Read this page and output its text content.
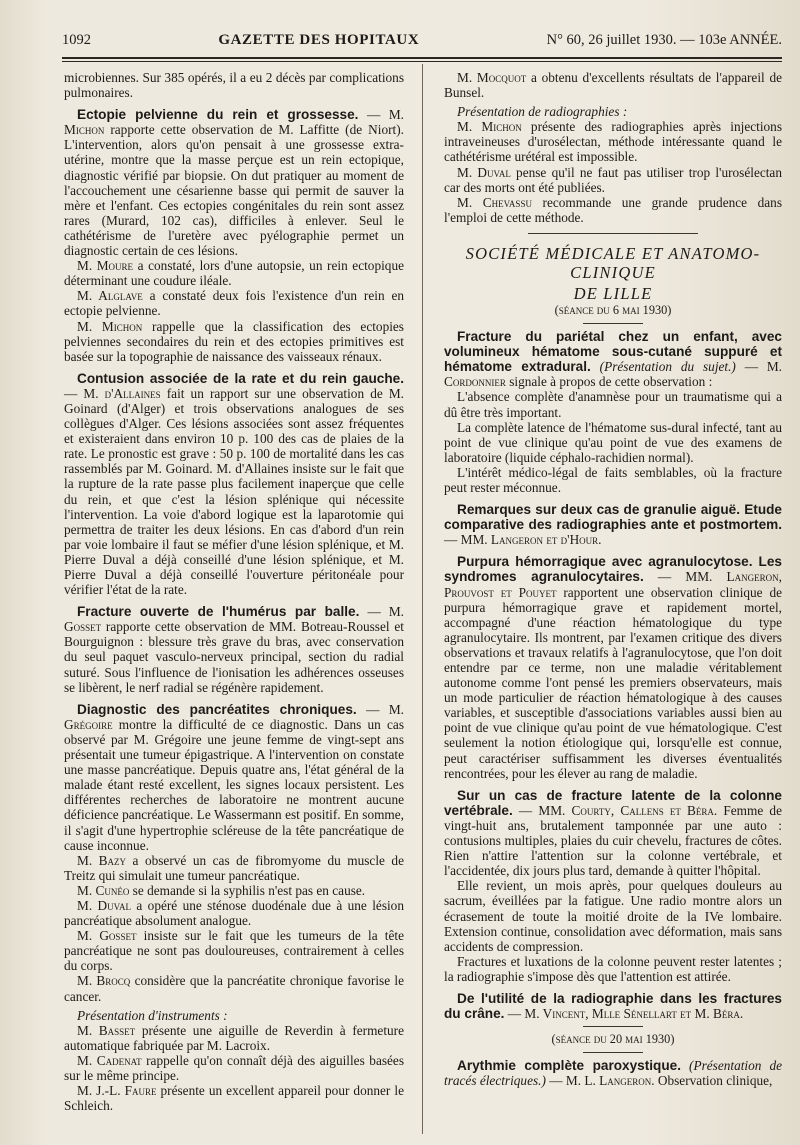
1092	GAZETTE DES HOPITAUX	N° 60, 26 juillet 1930. — 103e ANNÉE.

microbiennes. Sur 385 opérés, il a eu 2 décès par complications pulmonaires.

Ectopie pelvienne du rein et grossesse. — M. Michon rapporte cette observation de M. Laffitte (de Niort). L'intervention, alors qu'on pensait à une grossesse extra-utérine, montre que la masse perçue est un rein ectopique, diagnostic vérifié par biopsie. On dut pratiquer au moment de l'accouchement une césarienne basse qui permit de sauver la mère et l'enfant. Ces ectopies congénitales du rein sont assez rares (Murard, 102 cas), difficiles à enlever. Seul le cathétérisme de l'uretère avec pyélographie permet un diagnostic certain de ces lésions.

M. Moure a constaté, lors d'une autopsie, un rein ectopique déterminant une coudure iléale.

M. Alglave a constaté deux fois l'existence d'un rein en ectopie pelvienne.

M. Michon rappelle que la classification des ectopies pelviennes secondaires du rein et des ectopies primitives est basée sur la topographie de naissance des vaisseaux rénaux.

Contusion associée de la rate et du rein gauche. — M. d'Allaines fait un rapport sur une observation de M. Goinard (d'Alger) et trois observations analogues de ses collègues d'Alger. Ces lésions associées sont assez fréquentes et existeraient dans environ 10 p. 100 des cas de plaies de la rate. Le pronostic est grave : 50 p. 100 de mortalité dans les cas rassemblés par M. Goinard. M. d'Allaines insiste sur le fait que la rupture de la rate passe plus facilement inaperçue que celle du rein, et que c'est la lésion splénique qui nécessite l'intervention. La voie d'abord logique est la laparotomie qui permettra de traiter les deux lésions. En cas d'abord d'un rein par voie lombaire il faut se méfier d'une lésion splénique, et M. Pierre Duval a déjà conseillé d'une lésion splénique, et M. Pierre Duval a déjà conseillé l'ouverture péritonéale pour vérifier l'état de la rate.

Fracture ouverte de l'humérus par balle. — M. Gosset rapporte cette observation de MM. Botreau-Roussel et Bourguignon : blessure très grave du bras, avec conservation du seul paquet vasculo-nerveux principal, section du radial suturé. Sous l'influence de l'ionisation les adhérences osseuses se libèrent, le nerf radial se régénère rapidement.

Diagnostic des pancréatites chroniques. — M. Grégoire montre la difficulté de ce diagnostic. Dans un cas observé par M. Grégoire une jeune femme de vingt-sept ans présentait une tumeur épigastrique. A l'intervention on constate une masse pancréatique. Depuis quatre ans, l'état général de la malade étant resté excellent, les signes locaux persistent. Les différentes recherches de laboratoire ne montrent aucune déficience pancréatique. Le Wassermann est positif. En somme, il s'agit d'une hypertrophie scléreuse de la tête pancréatique de cause inconnue.

M. Bazy a observé un cas de fibromyome du muscle de Treitz qui simulait une tumeur pancréatique.

M. Cunéo se demande si la syphilis n'est pas en cause.

M. Duval a opéré une sténose duodénale due à une lésion pancréatique absolument analogue.

M. Gosset insiste sur le fait que les tumeurs de la tête pancréatique ne sont pas douloureuses, contrairement à celles du corps.

M. Brocq considère que la pancréatite chronique favorise le cancer.

Présentation d'instruments :

M. Basset présente une aiguille de Reverdin à fermeture automatique fabriquée par M. Lacroix.

M. Cadenat rappelle qu'on connaît déjà des aiguilles basées sur le même principe.

M. J.-L. Faure présente un excellent appareil pour donner le Schleich.

M. Mocquot a obtenu d'excellents résultats de l'appareil de Bunsel.

Présentation de radiographies :

M. Michon présente des radiographies après injections intraveineuses d'urosélectan, méthode intéressante quand le cathétérisme urétéral est impossible.

M. Duval pense qu'il ne faut pas utiliser trop l'urosélectan car des morts ont été publiées.

M. Chevassu recommande une grande prudence dans l'emploi de cette méthode.

SOCIÉTÉ MÉDICALE ET ANATOMO-CLINIQUE

DE LILLE

(séance du 6 mai 1930)

Fracture du pariétal chez un enfant, avec volumineux hématome sous-cutané suppuré et hématome extradural. (Présentation du sujet.) — M. Cordonnier signale à propos de cette observation :

L'absence complète d'anamnèse pour un traumatisme qui a dû être très important.

La complète latence de l'hématome sus-dural infecté, tant au point de vue clinique qu'au point de vue des examens de laboratoire (liquide céphalo-rachidien normal).

L'intérêt médico-légal de faits semblables, où la fracture peut rester méconnue.

Remarques sur deux cas de granulie aiguë. Etude comparative des radiographies ante et postmortem. — MM. Langeron et d'Hour.

Purpura hémorragique avec agranulocytose. Les syndromes agranulocytaires. — MM. Langeron, Prouvost et Pouyet rapportent une observation clinique de purpura hémorragique grave et rapidement mortel, accompagné d'une réaction hématologique du type agranulocytaire. Ils montrent, par l'examen critique des divers observations et travaux relatifs à l'agranulocytose, que l'on doit entendre par ce terme, non une maladie véritablement autonome comme l'ont pensé les premiers observateurs, mais un mode particulier de réaction hématologique à des causes variables, et susceptible d'associations variables aussi bien au point de vue clinique qu'au point de vue hématologique. C'est seulement la notion étiologique qui, lorsqu'elle est connue, peut caractériser suffisamment les diverses éventualités rencontrées, pour les élever au rang de maladie.

Sur un cas de fracture latente de la colonne vertébrale. — MM. Courty, Callens et Béra. Femme de vingt-huit ans, brutalement tamponnée par une auto : contusions multiples, plaies du cuir chevelu, fractures de côtes. Rien n'attire l'attention sur la colonne vertébrale, et l'accidentée, dix jours plus tard, demande à quitter l'hôpital.

Elle revient, un mois après, pour quelques douleurs au sacrum, éveillées par la fatigue. Une radio montre alors un écrasement de toute la moitié droite de la IVe lombaire. Extension continue, consolidation avec déformation, mais sans accidents de compression.

Fractures et luxations de la colonne peuvent rester latentes ; la radiographie s'impose dès que l'attention est attirée.

De l'utilité de la radiographie dans les fractures du crâne. — M. Vincent, Mlle Sénellart et M. Béra.

(séance du 20 mai 1930)

Arythmie complète paroxystique. (Présentation de tracés électriques.) — M. L. Langeron. Observation clinique,
